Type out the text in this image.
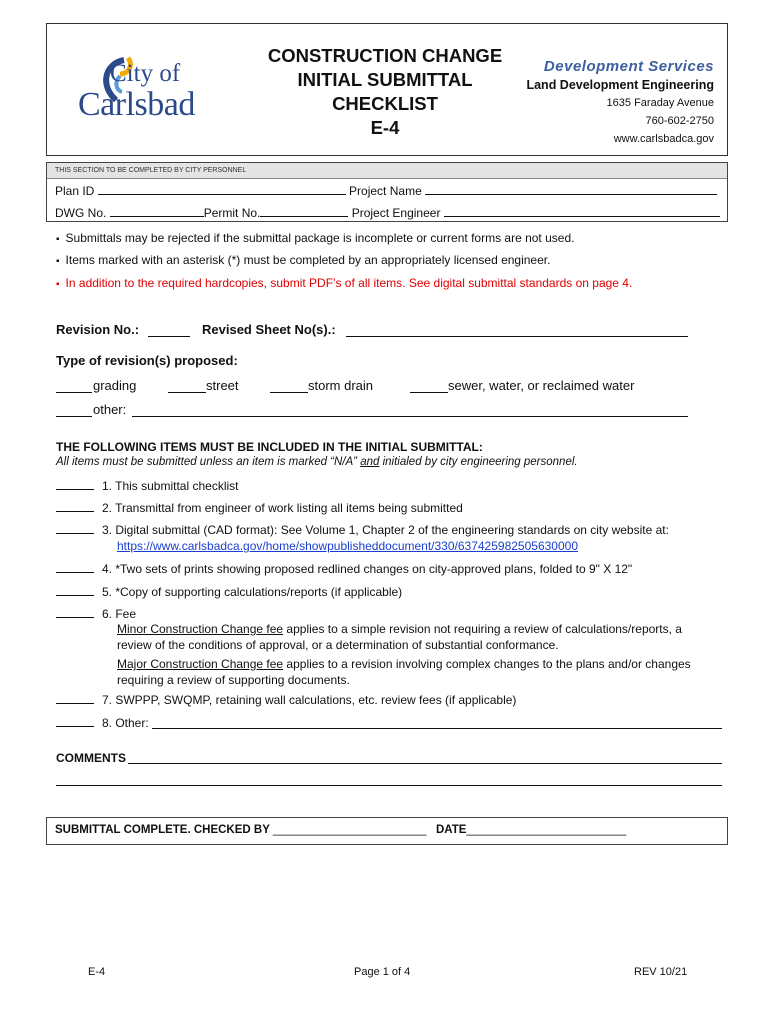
City of
Carlsbad
CONSTRUCTION CHANGE
INITIAL SUBMITTAL
CHECKLIST
E-4
Development Services
Land Development Engineering
1635 Faraday Avenue
760-602-2750
www.carlsbadca.gov
THIS SECTION TO BE COMPLETED BY CITY PERSONNEL
Plan ID	Project Name
DWG No.	Permit No.	Project Engineer
▪ Submittals may be rejected if the submittal package is incomplete or current forms are not used.
▪ Items marked with an asterisk (*) must be completed by an appropriately licensed engineer.
▪ In addition to the required hardcopies, submit PDF’s of all items. See digital submittal standards on page 4.
Revision No.:	Revised Sheet No(s).:
Type of revision(s) proposed:
grading	street	storm drain	sewer, water, or reclaimed water
other:
THE FOLLOWING ITEMS MUST BE INCLUDED IN THE INITIAL SUBMITTAL:
All items must be submitted unless an item is marked “N/A” and initialed by city engineering personnel.
1. This submittal checklist
2. Transmittal from engineer of work listing all items being submitted
3. Digital submittal (CAD format): See Volume 1, Chapter 2 of the engineering standards on city website at:
https://www.carlsbadca.gov/home/showpublisheddocument/330/637425982505630000
4. *Two sets of prints showing proposed redlined changes on city-approved plans, folded to 9" X 12"
5. *Copy of supporting calculations/reports (if applicable)
6. Fee
Minor Construction Change fee applies to a simple revision not requiring a review of calculations/reports, a
review of the conditions of approval, or a determination of substantial conformance.
Major Construction Change fee applies to a revision involving complex changes to the plans and/or changes
requiring a review of supporting documents.
7. SWPPP, SWQMP, retaining wall calculations, etc. review fees (if applicable)
8. Other:
COMMENTS
SUBMITTAL COMPLETE. CHECKED BY ________________________ DATE_________________________
E-4	Page 1 of 4	REV 10/21
